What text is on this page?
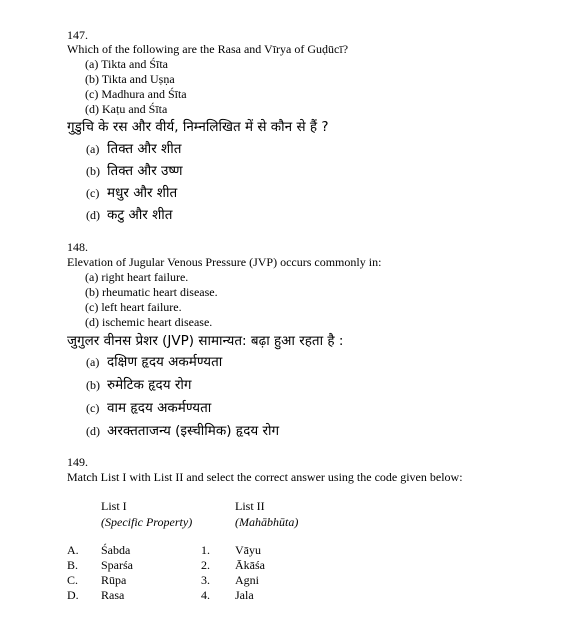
147.
Which of the following are the Rasa and Vīrya of Guḍūcī?
(a) Tikta and Śīta
(b) Tikta and Uṣṇa
(c) Madhura and Śīta
(d) Kaṭu and Śīta
गुडुचि के रस और वीर्य, निम्नलिखित में से कौन से हैं ?
(a) तिक्त और शीत
(b) तिक्त और उष्ण
(c) मधुर और शीत
(d) कटु और शीत
148.
Elevation of Jugular Venous Pressure (JVP) occurs commonly in:
(a) right heart failure.
(b) rheumatic heart disease.
(c) left heart failure.
(d) ischemic heart disease.
जुगुलर वीनस प्रेशर (JVP) सामान्यत: बढ़ा हुआ रहता है :
(a) दक्षिण हृदय अकर्मण्यता
(b) रुमेटिक हृदय रोग
(c) वाम हृदय अकर्मण्यता
(d) अरक्तताजन्य (इस्चीमिक) हृदय रोग
149.
Match List I with List II and select the correct answer using the code given below:
List I
(Specific Property)
List II
(Mahābhūta)
A. Śabda	1. Vāyu
B. Sparśa	2. Ākāśa
C. Rūpa	3. Agni
D. Rasa	4. Jala
